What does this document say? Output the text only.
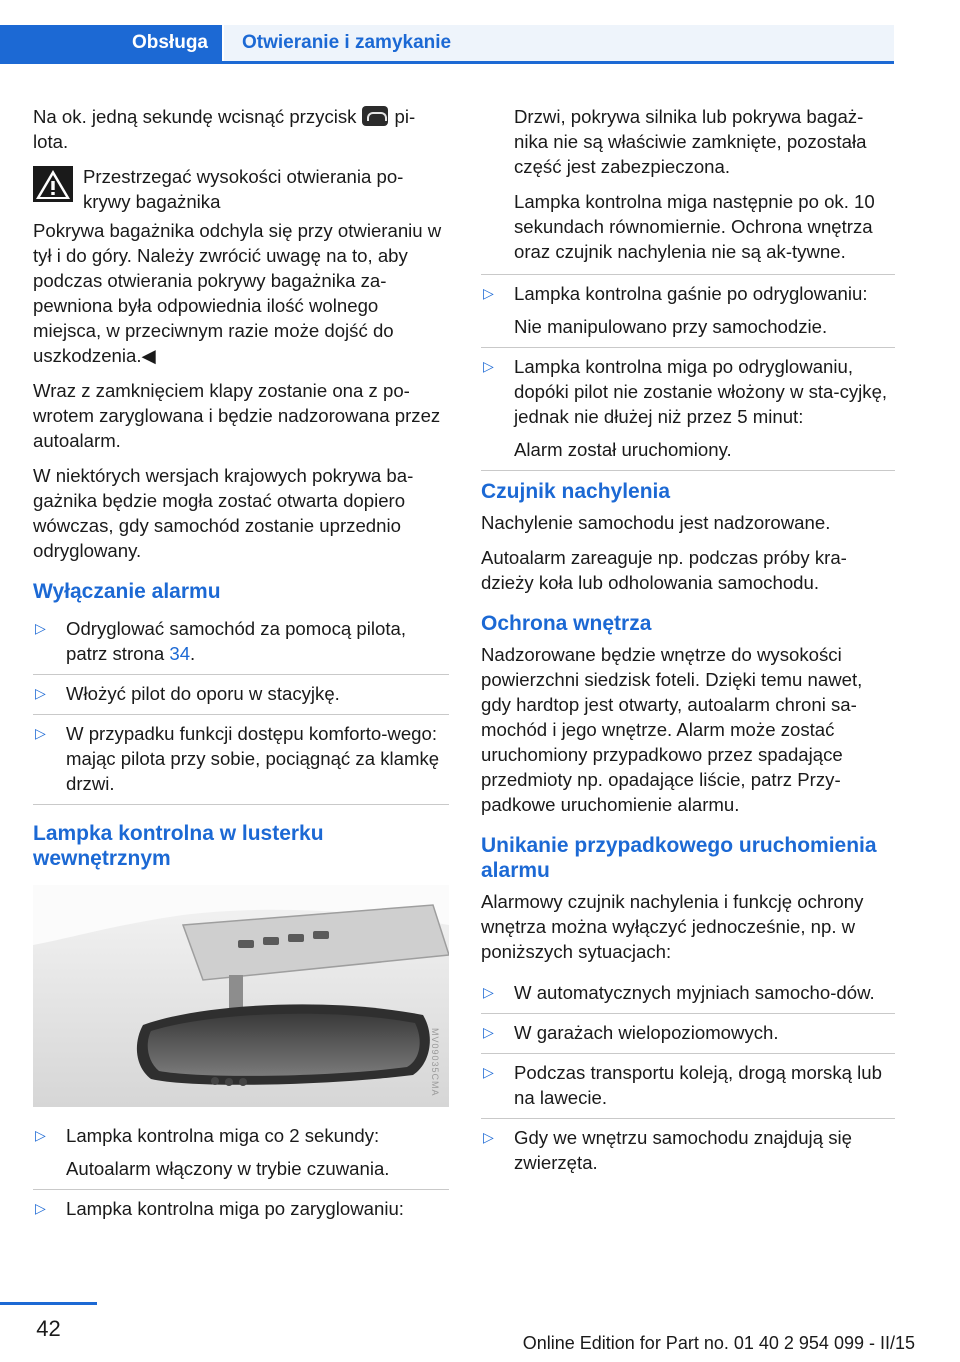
Obsługa	Otwieranie i zamykanie

Na ok. jedną sekundę wcisnąć przycisk pi‐lota.

Przestrzegać wysokości otwierania po‐krywy bagażnika

Pokrywa bagażnika odchyla się przy otwieraniu w tył i do góry. Należy zwrócić uwagę na to, aby podczas otwierania pokrywy bagażnika za‐pewniona była odpowiednia ilość wolnego miejsca, w przeciwnym razie może dojść do uszkodzenia.◀

Wraz z zamknięciem klapy zostanie ona z po‐wrotem zaryglowana i będzie nadzorowana przez autoalarm.

W niektórych wersjach krajowych pokrywa ba‐gażnika będzie mogła zostać otwarta dopiero wówczas, gdy samochód zostanie uprzednio odryglowany.

Wyłączanie alarmu
▷	Odryglować samochód za pomocą pilota, patrz strona 34.
▷	Włożyć pilot do oporu w stacyjkę.
▷	W przypadku funkcji dostępu komforto‐wego: mając pilota przy sobie, pociągnąć za klamkę drzwi.
Lampka kontrolna w lusterku wewnętrznym
MV09035CMA
▷	Lampka kontrolna miga co 2 sekundy:
Autoalarm włączony w trybie czuwania.
▷	Lampka kontrolna miga po zaryglowaniu:

Drzwi, pokrywa silnika lub pokrywa bagaż‐nika nie są właściwie zamknięte, pozostała część jest zabezpieczona.

Lampka kontrolna miga następnie po ok. 10 sekundach równomiernie. Ochrona wnętrza oraz czujnik nachylenia nie są ak‐tywne.

▷	Lampka kontrolna gaśnie po odryglowaniu:
Nie manipulowano przy samochodzie.
▷	Lampka kontrolna miga po odryglowaniu, dopóki pilot nie zostanie włożony w sta‐cyjkę, jednak nie dłużej niż przez 5 minut:
Alarm został uruchomiony.
Czujnik nachylenia

Nachylenie samochodu jest nadzorowane.

Autoalarm zareaguje np. podczas próby kra‐dzieży koła lub odholowania samochodu.

Ochrona wnętrza

Nadzorowane będzie wnętrze do wysokości powierzchni siedzisk foteli. Dzięki temu nawet, gdy hardtop jest otwarty, autoalarm chroni sa‐mochód i jego wnętrze. Alarm może zostać uruchomiony przypadkowo przez spadające przedmioty np. opadające liście, patrz Przy‐padkowe uruchomienie alarmu.

Unikanie przypadkowego uruchomienia alarmu

Alarmowy czujnik nachylenia i funkcję ochrony wnętrza można wyłączyć jednocześnie, np. w poniższych sytuacjach:

▷	W automatycznych myjniach samocho‐dów.
▷	W garażach wielopoziomowych.
▷	Podczas transportu koleją, drogą morską lub na lawecie.
▷	Gdy we wnętrzu samochodu znajdują się zwierzęta.
42
Online Edition for Part no. 01 40 2 954 099 - II/15
